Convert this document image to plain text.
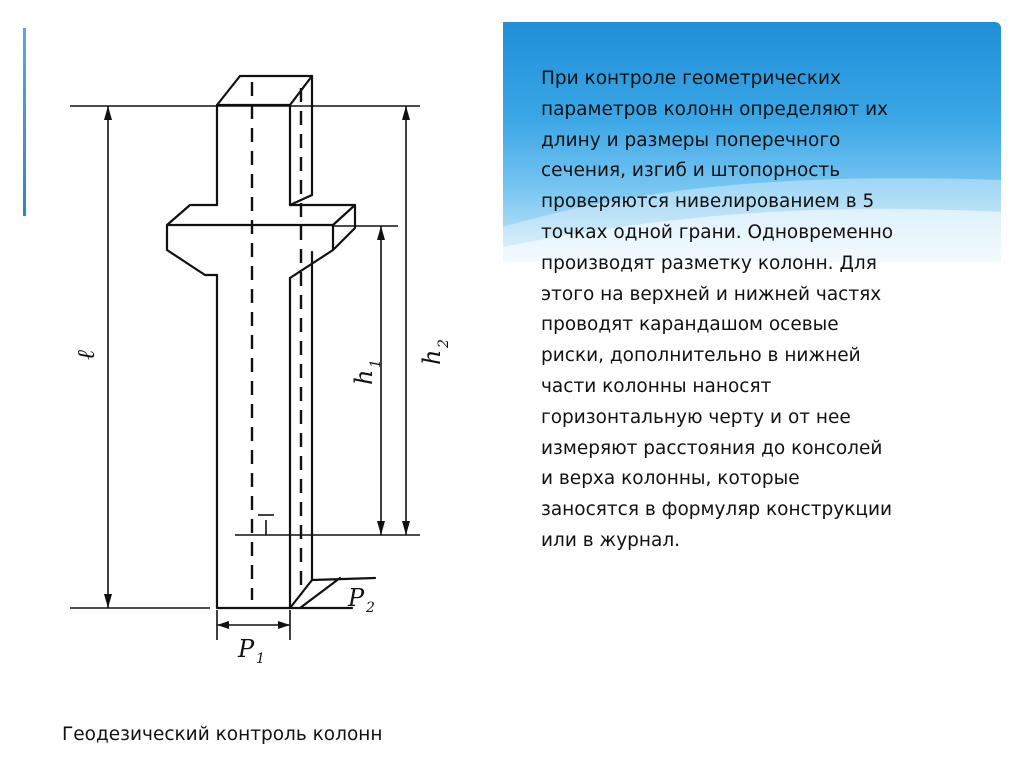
При контроле геометрических
параметров колонн определяют их
длину и размеры поперечного
сечения, изгиб и штопорность
проверяются нивелированием в 5
точках одной грани. Одновременно
производят разметку колонн. Для
этого на верхней и нижней частях
проводят карандашом осевые
риски, дополнительно в нижней
части колонны наносят
горизонтальную черту и от нее
измеряют расстояния до консолей
и верха колонны, которые
заносятся в формуляр конструкции
или в журнал.

ℓ
h
1 h
2
P 1
P 2
Геодезический контроль колонн
